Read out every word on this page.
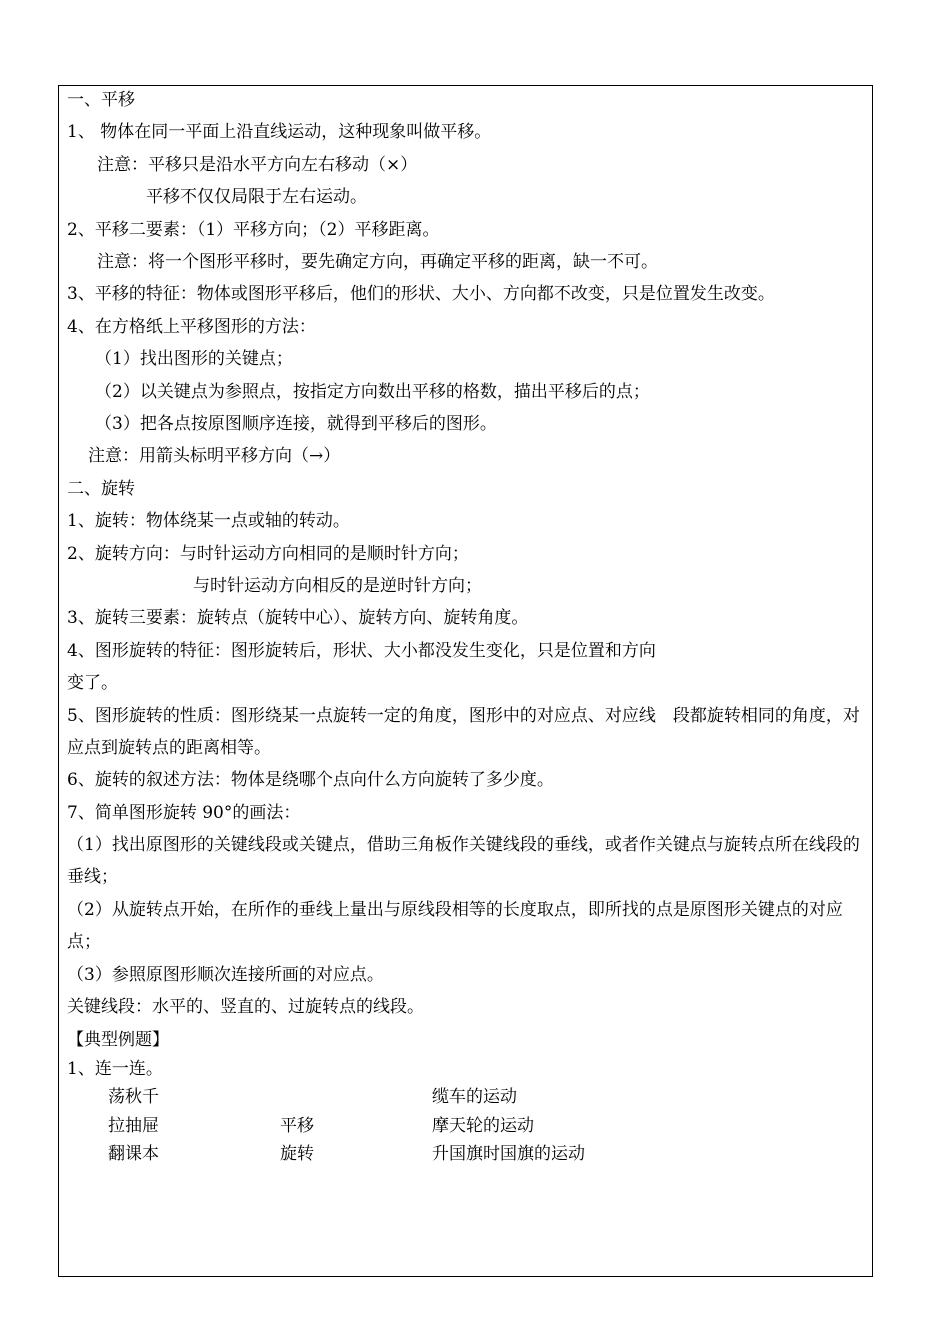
一、平移
1、 物体在同一平面上沿直线运动，这种现象叫做平移。
注意：平移只是沿水平方向左右移动（×）
平移不仅仅局限于左右运动。
2、平移二要素：（1）平移方向；（2）平移距离。
注意：将一个图形平移时，要先确定方向，再确定平移的距离，缺一不可。
3、平移的特征：物体或图形平移后，他们的形状、大小、方向都不改变，只是位置发生改变。
4、在方格纸上平移图形的方法：
（1）找出图形的关键点；
（2）以关键点为参照点，按指定方向数出平移的格数，描出平移后的点；
（3）把各点按原图顺序连接，就得到平移后的图形。
注意：用箭头标明平移方向（→）
二、旋转
1、旋转：物体绕某一点或轴的转动。
2、旋转方向：与时针运动方向相同的是顺时针方向；
与时针运动方向相反的是逆时针方向；
3、旋转三要素：旋转点（旋转中心）、旋转方向、旋转角度。
4、图形旋转的特征：图形旋转后，形状、大小都没发生变化，只是位置和方向
变了。
5、图形旋转的性质：图形绕某一点旋转一定的角度，图形中的对应点、对应线　段都旋转相同的角度，对应点到旋转点的距离相等。
6、旋转的叙述方法：物体是绕哪个点向什么方向旋转了多少度。
7、简单图形旋转 90°的画法：
（1）找出原图形的关键线段或关键点，借助三角板作关键线段的垂线，或者作关键点与旋转点所在线段的垂线；
（2）从旋转点开始，在所作的垂线上量出与原线段相等的长度取点，即所找的点是原图形关键点的对应点；
（3）参照原图形顺次连接所画的对应点。
关键线段：水平的、竖直的、过旋转点的线段。
【典型例题】
1、连一连。
荡秋千
拉抽屉
翻课本
平移
旋转
缆车的运动
摩天轮的运动
升国旗时国旗的运动
